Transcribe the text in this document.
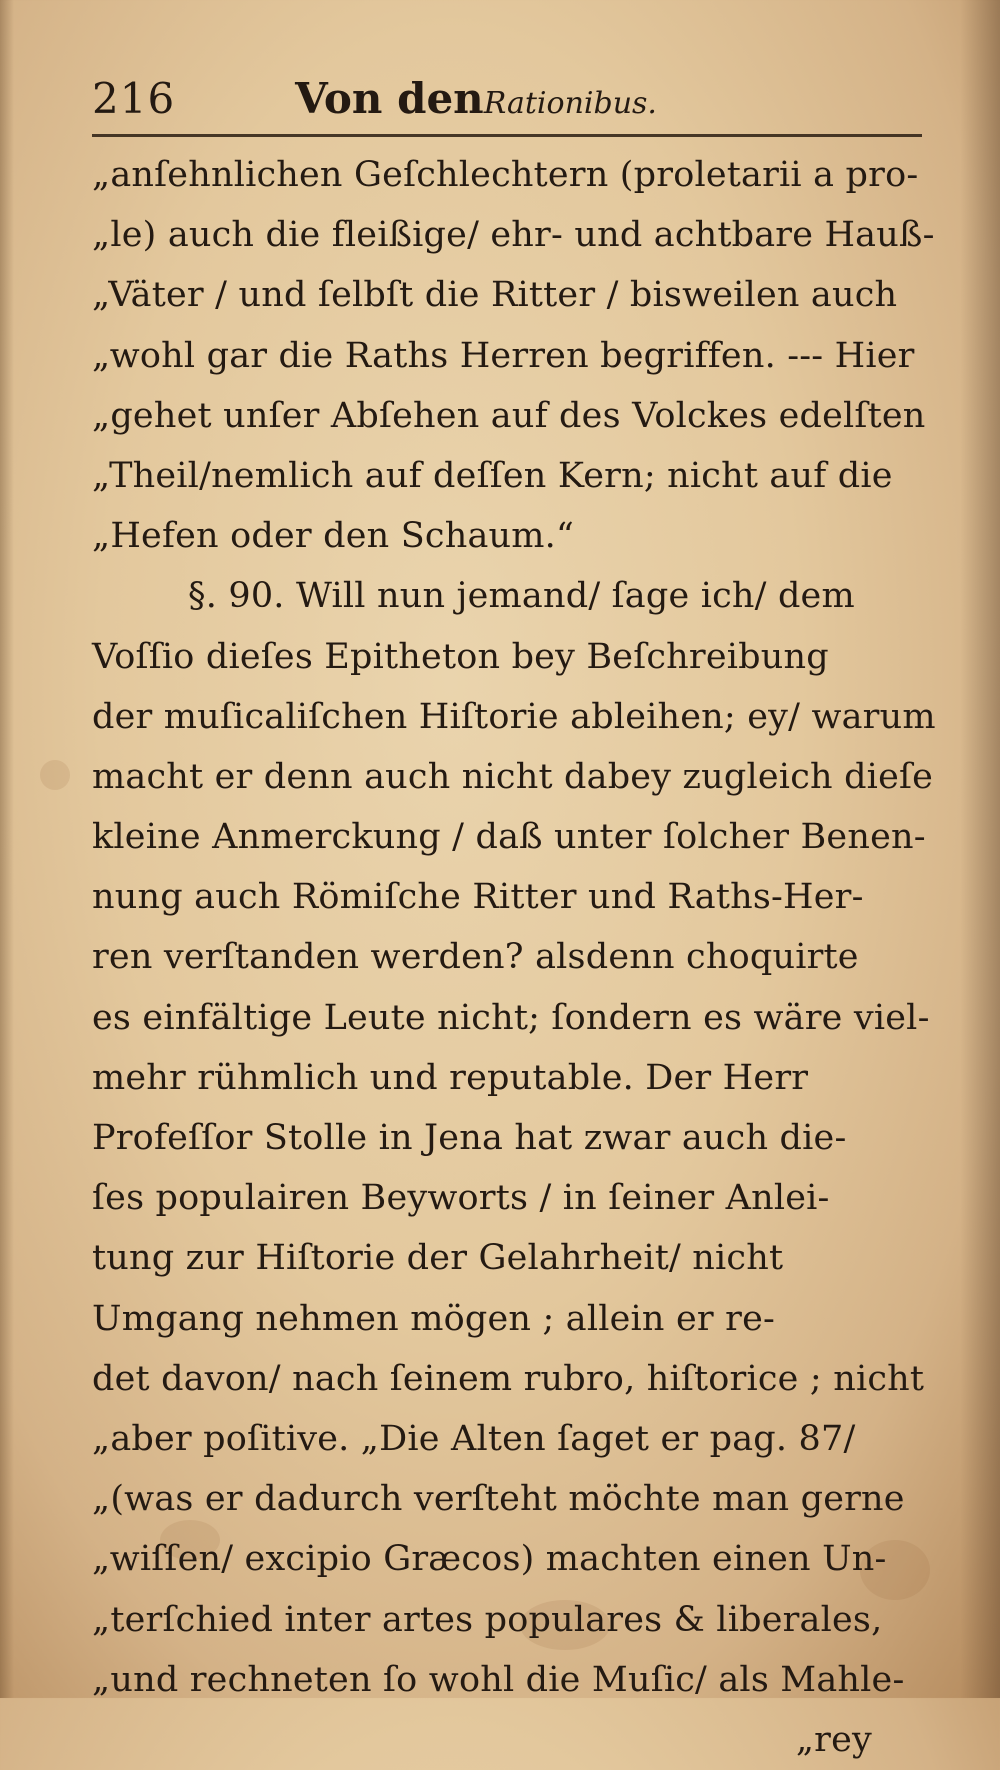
216	Von denRationibus.
„anſehnlichen Geſchlechtern (proletarii a pro-
„le) auch die fleißige/ ehr- und achtbare Hauß-
„Väter / und ſelbſt die Ritter / bisweilen auch
„wohl gar die Raths Herren begriffen. --- Hier
„gehet unſer Abſehen auf des Volckes edelſten
„Theil/nemlich auf deſſen Kern; nicht auf die
„Hefen oder den Schaum.“
§. 90. Will nun jemand/ ſage ich/ dem
Voſſio dieſes Epitheton bey Beſchreibung
der muſicaliſchen Hiſtorie ableihen; ey/ warum
macht er denn auch nicht dabey zugleich dieſe
kleine Anmerckung / daß unter ſolcher Benen-
nung auch Römiſche Ritter und Raths-Her-
ren verſtanden werden? alsdenn choquirte
es einfältige Leute nicht; ſondern es wäre viel-
mehr rühmlich und reputable. Der Herr
Profeſſor Stolle in Jena hat zwar auch die-
ſes populairen Beyworts / in ſeiner Anlei-
tung zur Hiſtorie der Gelahrheit/ nicht
Umgang nehmen mögen ; allein er re-
det davon/ nach ſeinem rubro, hiſtorice ; nicht
„aber poſitive. „Die Alten ſaget er pag. 87/
„(was er dadurch verſteht möchte man gerne
„wiſſen/ excipio Græcos) machten einen Un-
„terſchied inter artes populares & liberales,
„und rechneten ſo wohl die Muſic/ als Mahle-
„rey
